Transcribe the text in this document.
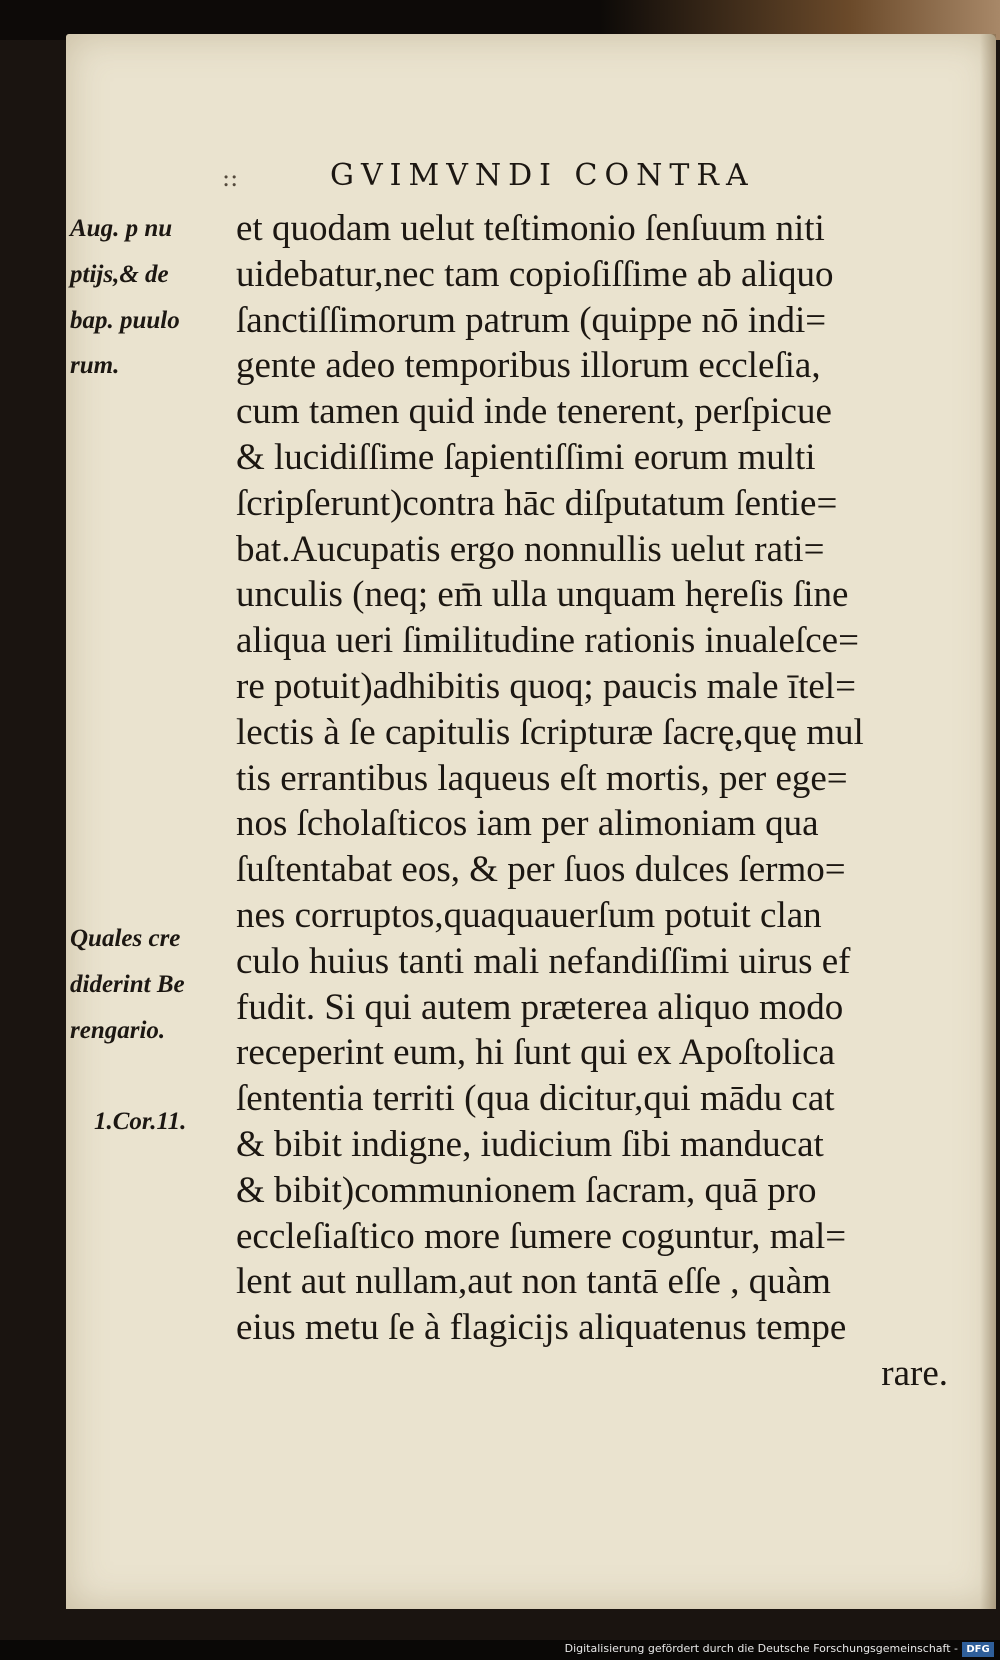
::	GVIMVNDI CONTRA
Aug. p nu
ptijs,& de
bap. puulo
rum.
Quales cre
diderint Be
rengario.
1.Cor.11.
et quodam uelut teſtimonio ſenſuum niti
uidebatur,nec tam copioſiſſime ab aliquo
ſanctiſſimorum patrum (quippe nō indi=
gente adeo temporibus illorum eccleſia,
cum tamen quid inde tenerent, perſpicue
& lucidiſſime ſapientiſſimi eorum multi
ſcripſerunt)contra hāc diſputatum ſentie=
bat.Aucupatis ergo nonnullis uelut rati=
unculis (neq; em̄ ulla unquam hęreſis ſine
aliqua ueri ſimilitudine rationis inualeſce=
re potuit)adhibitis quoq; paucis male ītel=
lectis à ſe capitulis ſcripturæ ſacrę,quę mul
tis errantibus laqueus eſt mortis, per ege=
nos ſcholaſticos iam per alimoniam qua
ſuſtentabat eos, & per ſuos dulces ſermo=
nes corruptos,quaquauerſum potuit clan
culo huius tanti mali nefandiſſimi uirus ef
fudit. Si qui autem præterea aliquo modo
receperint eum, hi ſunt qui ex Apoſtolica
ſententia territi (qua dicitur,qui mādu cat
& bibit indigne, iudicium ſibi manducat
& bibit)communionem ſacram, quā pro
eccleſiaſtico more ſumere coguntur, mal=
lent aut nullam,aut non tantā eſſe , quàm
eius metu ſe à flagicijs aliquatenus tempe
rare.
Digitalisierung gefördert durch die Deutsche Forschungsgemeinschaft - DFG
